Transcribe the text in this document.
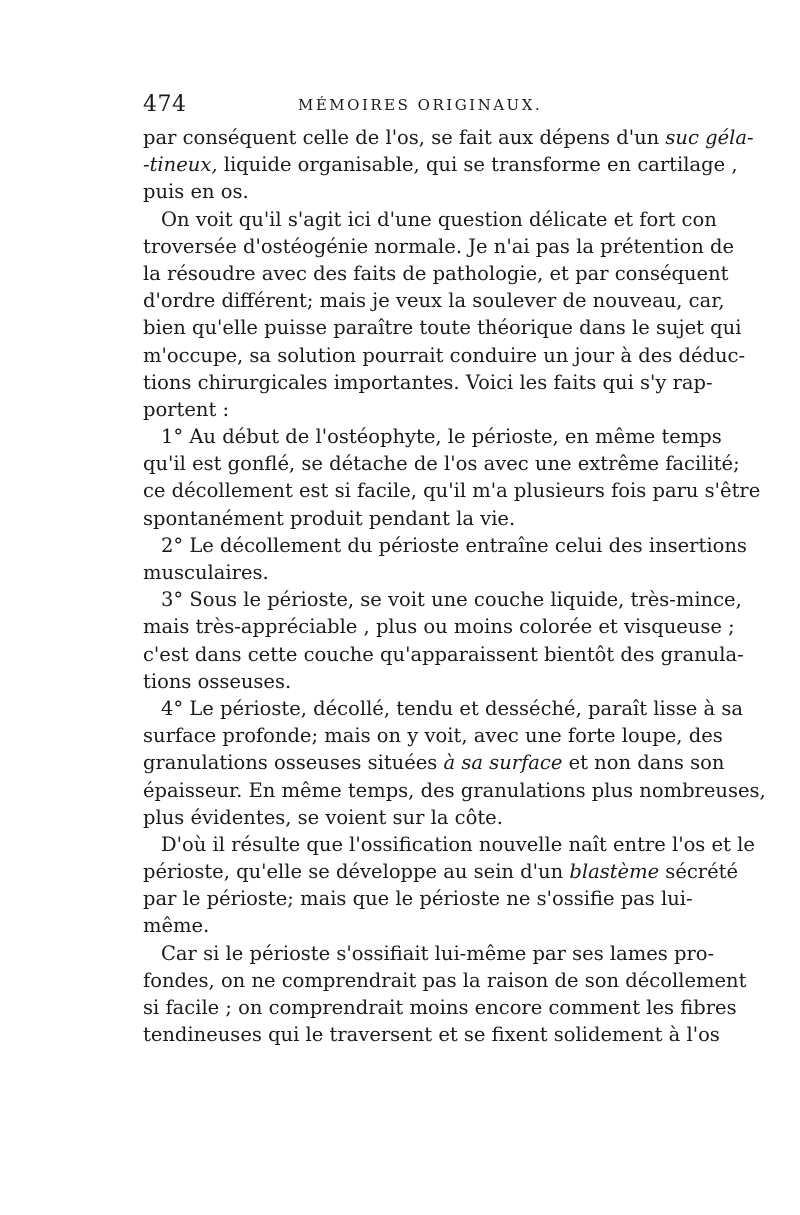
474	MÉMOIRES ORIGINAUX.
par conséquent celle de l'os, se fait aux dépens d'un suc géla-
-tineux, liquide organisable, qui se transforme en cartilage ,
puis en os.
On voit qu'il s'agit ici d'une question délicate et fort con
troversée d'ostéogénie normale. Je n'ai pas la prétention de
la résoudre avec des faits de pathologie, et par conséquent
d'ordre différent; mais je veux la soulever de nouveau, car,
bien qu'elle puisse paraître toute théorique dans le sujet qui
m'occupe, sa solution pourrait conduire un jour à des déduc-
tions chirurgicales importantes. Voici les faits qui s'y rap-
portent :
1° Au début de l'ostéophyte, le périoste, en même temps
qu'il est gonflé, se détache de l'os avec une extrême facilité;
ce décollement est si facile, qu'il m'a plusieurs fois paru s'être
spontanément produit pendant la vie.
2° Le décollement du périoste entraîne celui des insertions
musculaires.
3° Sous le périoste, se voit une couche liquide, très-mince,
mais très-appréciable , plus ou moins colorée et visqueuse ;
c'est dans cette couche qu'apparaissent bientôt des granula-
tions osseuses.
4° Le périoste, décollé, tendu et desséché, paraît lisse à sa
surface profonde; mais on y voit, avec une forte loupe, des
granulations osseuses situées à sa surface et non dans son
épaisseur. En même temps, des granulations plus nombreuses,
plus évidentes, se voient sur la côte.
D'où il résulte que l'ossification nouvelle naît entre l'os et le
périoste, qu'elle se développe au sein d'un blastème sécrété
par le périoste; mais que le périoste ne s'ossifie pas lui-
même.
Car si le périoste s'ossifiait lui-même par ses lames pro-
fondes, on ne comprendrait pas la raison de son décollement
si facile ; on comprendrait moins encore comment les fibres
tendineuses qui le traversent et se fixent solidement à l'os
